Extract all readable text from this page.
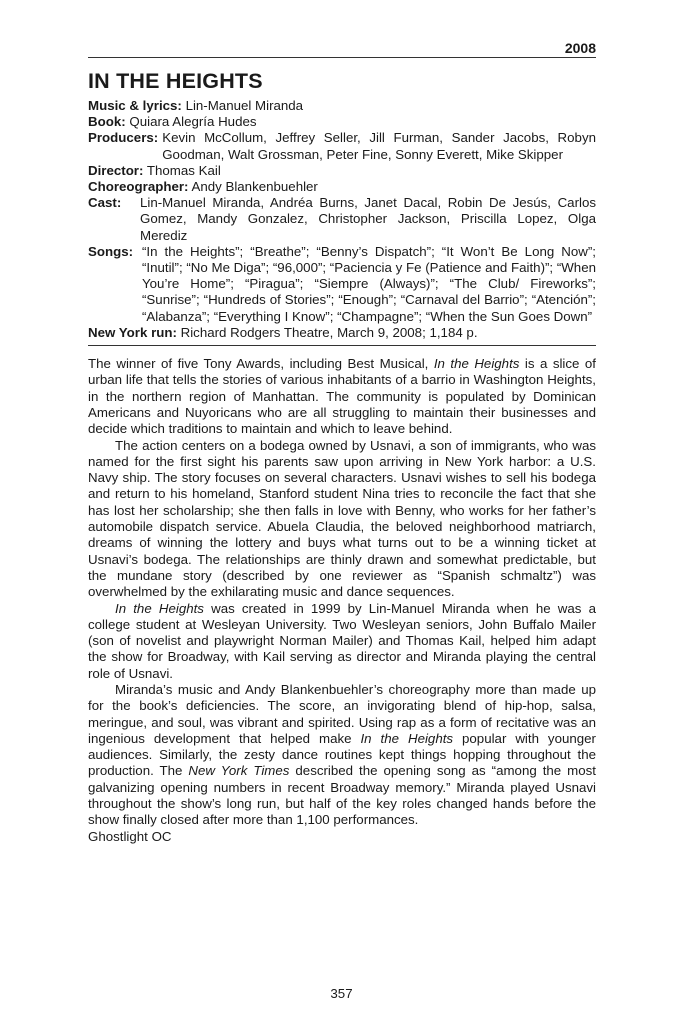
2008
IN THE HEIGHTS

Music & lyrics: Lin-Manuel Miranda

Book: Quiara Alegría Hudes

Producers: Kevin McCollum, Jeffrey Seller, Jill Furman, Sander Jacobs, Robyn Goodman, Walt Grossman, Peter Fine, Sonny Everett, Mike Skipper

Director: Thomas Kail

Choreographer: Andy Blankenbuehler

Cast:	Lin-Manuel Miranda, Andréa Burns, Janet Dacal, Robin De Jesús, Carlos Gomez, Mandy Gonzalez, Christopher Jackson, Priscilla Lopez, Olga Merediz
Songs: “In the Heights”; “Breathe”; “Benny’s Dispatch”; “It Won’t Be Long Now”; “Inutil”; “No Me Diga”; “96,000”; “Paciencia y Fe (Patience and Faith)”; “When You’re Home”; “Piragua”; “Siempre (Always)”; “The Club/ Fireworks”; “Sunrise”; “Hundreds of Stories”; “Enough”; “Carnaval del Barrio”; “Atención”; “Alabanza”; “Everything I Know”; “Champagne”; “When the Sun Goes Down”

New York run: Richard Rodgers Theatre, March 9, 2008; 1,184 p.

The winner of five Tony Awards, including Best Musical, In the Heights is a slice of urban life that tells the stories of various inhabitants of a barrio in Washington Heights, in the northern region of Manhattan. The community is populated by Dominican Americans and Nuyoricans who are all struggling to maintain their businesses and decide which traditions to maintain and which to leave behind.

The action centers on a bodega owned by Usnavi, a son of immigrants, who was named for the first sight his parents saw upon arriving in New York harbor: a U.S. Navy ship. The story focuses on several characters. Usnavi wishes to sell his bodega and return to his homeland, Stanford student Nina tries to reconcile the fact that she has lost her scholarship; she then falls in love with Benny, who works for her father’s automobile dispatch service. Abuela Claudia, the beloved neighborhood matriarch, dreams of winning the lottery and buys what turns out to be a winning ticket at Usnavi’s bodega. The relationships are thinly drawn and somewhat predictable, but the mundane story (described by one reviewer as “Spanish schmaltz”) was overwhelmed by the exhilarating music and dance sequences.

In the Heights was created in 1999 by Lin-Manuel Miranda when he was a college student at Wesleyan University. Two Wesleyan seniors, John Buffalo Mailer (son of novelist and playwright Norman Mailer) and Thomas Kail, helped him adapt the show for Broadway, with Kail serving as director and Miranda playing the central role of Usnavi.

Miranda’s music and Andy Blankenbuehler’s choreography more than made up for the book’s deficiencies. The score, an invigorating blend of hip-hop, salsa, meringue, and soul, was vibrant and spirited. Using rap as a form of recitative was an ingenious development that helped make In the Heights popular with younger audiences. Similarly, the zesty dance routines kept things hopping throughout the production. The New York Times described the opening song as “among the most galvanizing opening numbers in recent Broadway memory.” Miranda played Usnavi throughout the show’s long run, but half of the key roles changed hands before the show finally closed after more than 1,100 performances.

Ghostlight OC

357
